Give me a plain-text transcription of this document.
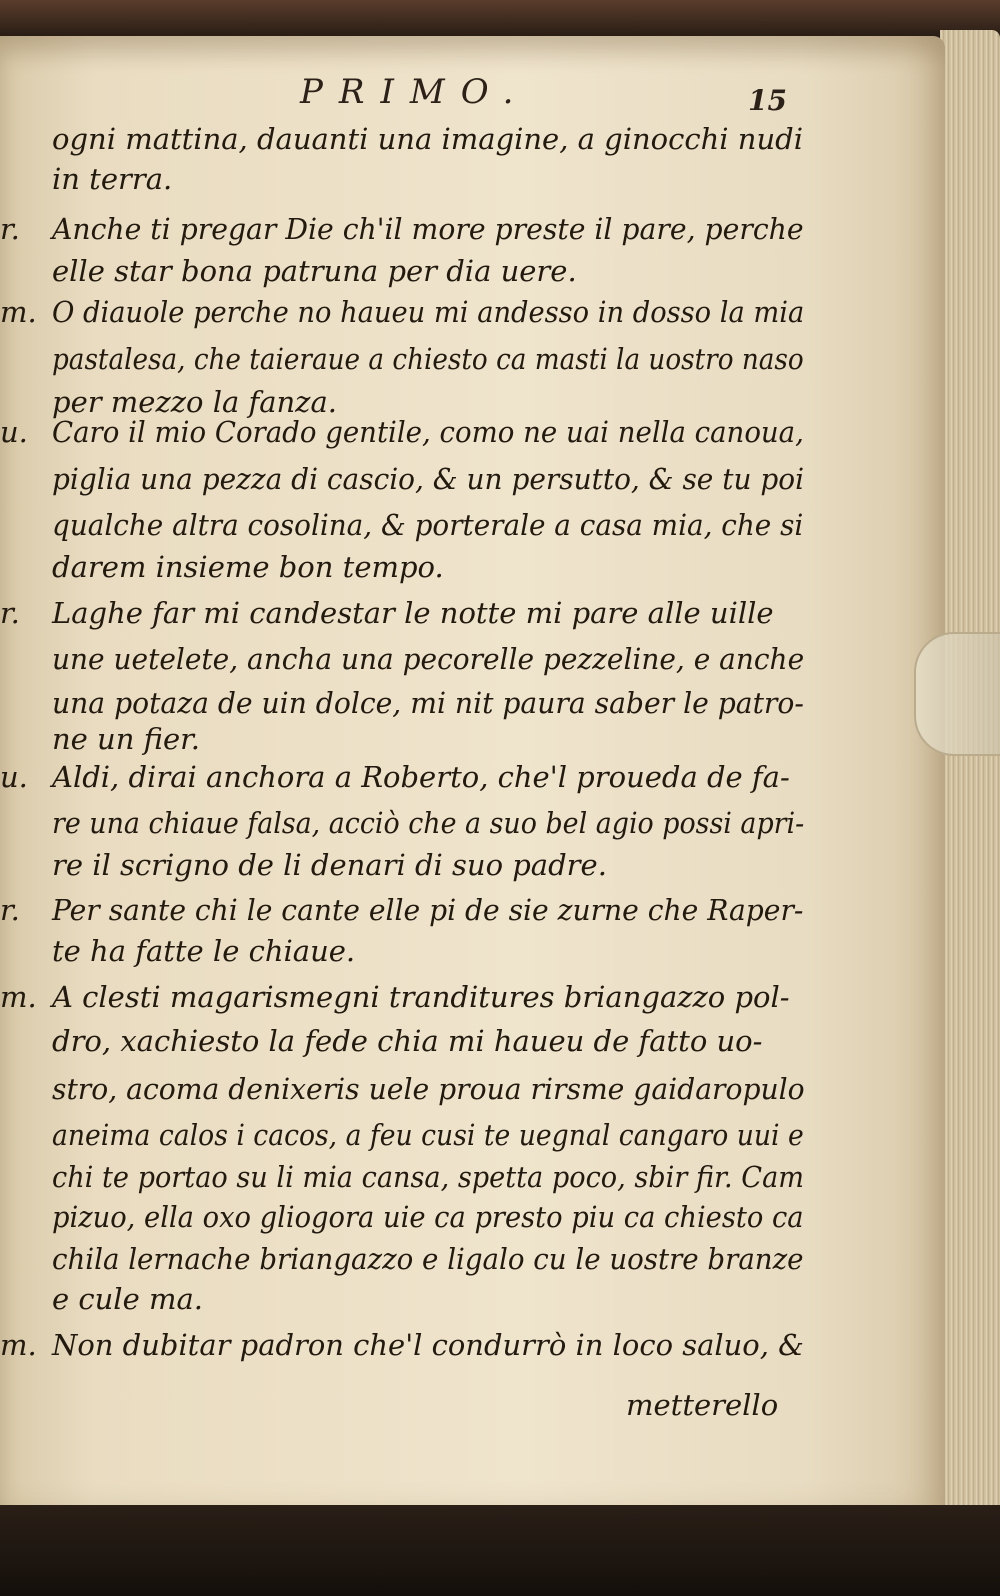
PRIMO.	15
ogni mattina, dauanti una imagine, a ginocchi nudi
in terra.
r. Anche ti pregar Die ch'il more preste il pare, perche
elle star bona patruna per dia uere.
m. O diauole perche no haueu mi andesso in dosso la mia
pastalesa, che taieraue a chiesto ca masti la uostro naso
per mezzo la fanza.
u. Caro il mio Corado gentile, como ne uai nella canoua,
piglia una pezza di cascio, & un persutto, & se tu poi
qualche altra cosolina, & porterale a casa mia, che si
darem insieme bon tempo.
r. Laghe far mi candestar le notte mi pare alle uille
une uetelete, ancha una pecorelle pezzeline, e anche
una potaza de uin dolce, mi nit paura saber le patro-
ne un fier.
u. Aldi, dirai anchora a Roberto, che'l proueda de fa-
re una chiaue falsa, acciò che a suo bel agio possi apri-
re il scrigno de li denari di suo padre.
r. Per sante chi le cante elle pi de sie zurne che Raper-
te ha fatte le chiaue.
m. A clesti magarismegni tranditures briangazzo pol-
dro, xachiesto la fede chia mi haueu de fatto uo-
stro, acoma denixeris uele proua rirsme gaidaropulo
aneima calos i cacos, a feu cusi te uegnal cangaro uui e
chi te portao su li mia cansa, spetta poco, sbir fir. Cam
pizuo, ella oxo gliogora uie ca presto piu ca chiesto ca
chila lernache briangazzo e ligalo cu le uostre branze
e cule ma.
m. Non dubitar padron che'l condurrò in loco saluo, &
metterello
